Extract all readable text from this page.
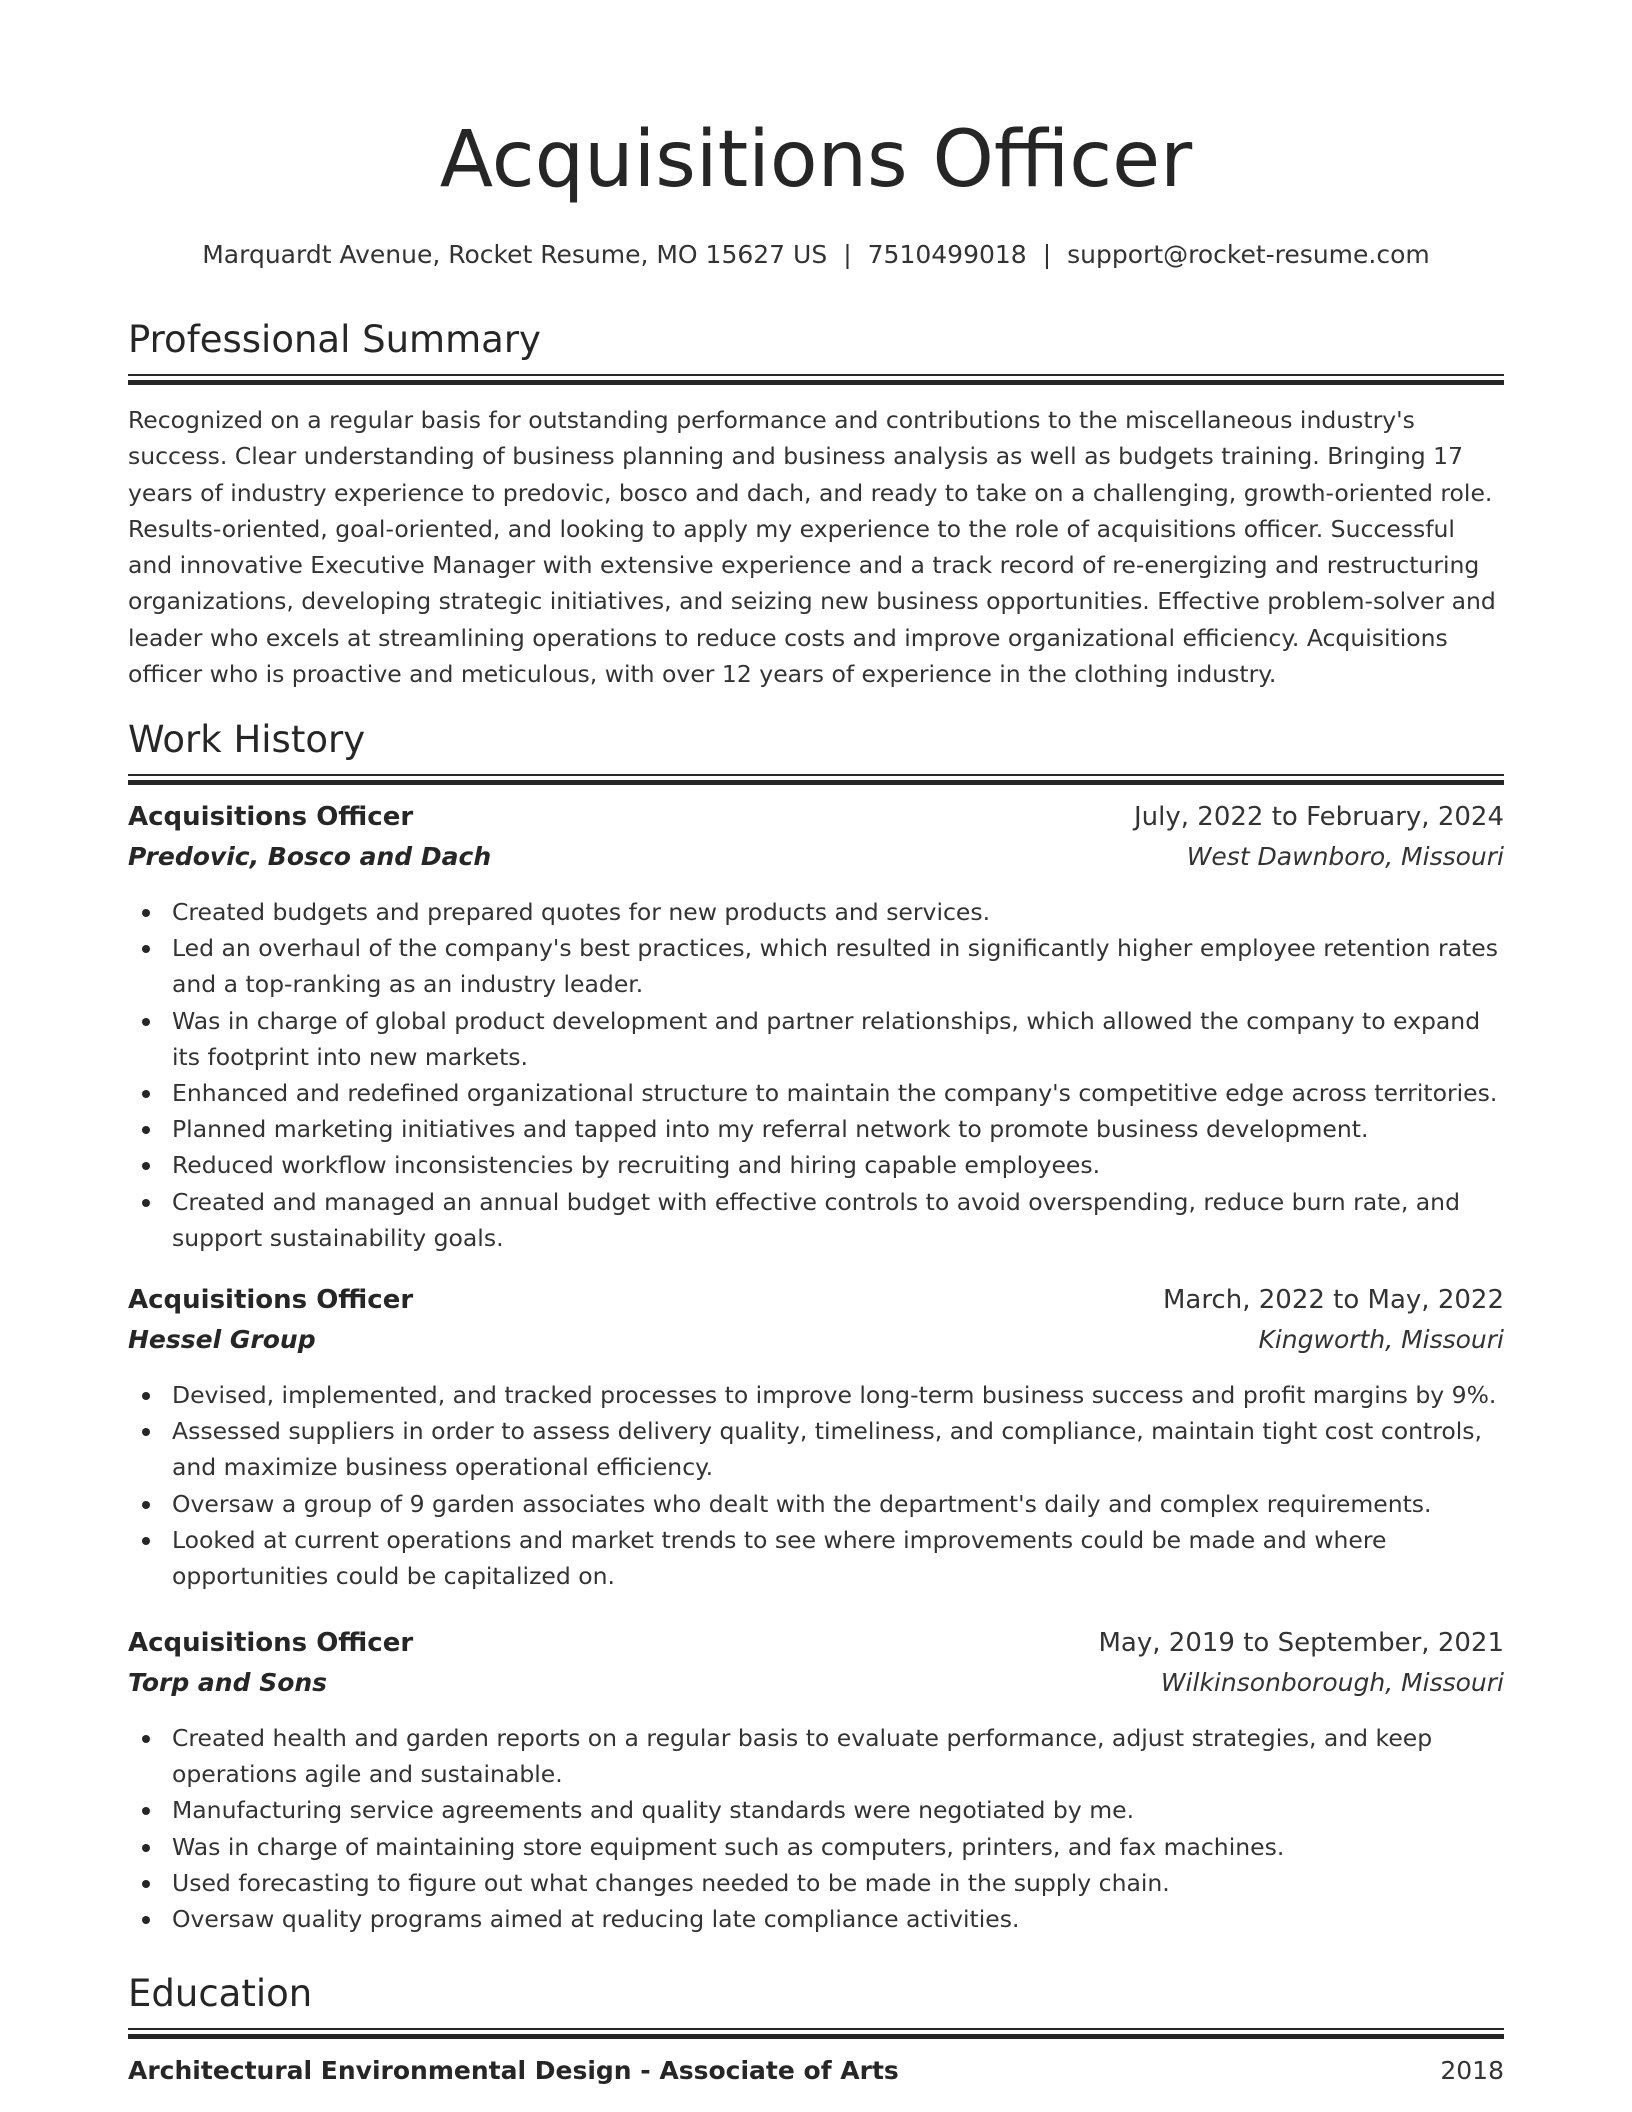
Acquisitions Officer
Marquardt Avenue, Rocket Resume, MO 15627 US | 7510499018 | support@rocket-resume.com
Professional Summary
Recognized on a regular basis for outstanding performance and contributions to the miscellaneous industry's success. Clear understanding of business planning and business analysis as well as budgets training. Bringing 17 years of industry experience to predovic, bosco and dach, and ready to take on a challenging, growth-oriented role. Results-oriented, goal-oriented, and looking to apply my experience to the role of acquisitions officer. Successful and innovative Executive Manager with extensive experience and a track record of re-energizing and restructuring organizations, developing strategic initiatives, and seizing new business opportunities. Effective problem-solver and leader who excels at streamlining operations to reduce costs and improve organizational efficiency. Acquisitions officer who is proactive and meticulous, with over 12 years of experience in the clothing industry.
Work History
Acquisitions Officer	July, 2022 to February, 2024
Predovic, Bosco and Dach	West Dawnboro, Missouri
Created budgets and prepared quotes for new products and services.
Led an overhaul of the company's best practices, which resulted in significantly higher employee retention rates and a top-ranking as an industry leader.
Was in charge of global product development and partner relationships, which allowed the company to expand its footprint into new markets.
Enhanced and redefined organizational structure to maintain the company's competitive edge across territories.
Planned marketing initiatives and tapped into my referral network to promote business development.
Reduced workflow inconsistencies by recruiting and hiring capable employees.
Created and managed an annual budget with effective controls to avoid overspending, reduce burn rate, and support sustainability goals.
Acquisitions Officer	March, 2022 to May, 2022
Hessel Group	Kingworth, Missouri
Devised, implemented, and tracked processes to improve long-term business success and profit margins by 9%.
Assessed suppliers in order to assess delivery quality, timeliness, and compliance, maintain tight cost controls, and maximize business operational efficiency.
Oversaw a group of 9 garden associates who dealt with the department's daily and complex requirements.
Looked at current operations and market trends to see where improvements could be made and where opportunities could be capitalized on.
Acquisitions Officer	May, 2019 to September, 2021
Torp and Sons	Wilkinsonborough, Missouri
Created health and garden reports on a regular basis to evaluate performance, adjust strategies, and keep operations agile and sustainable.
Manufacturing service agreements and quality standards were negotiated by me.
Was in charge of maintaining store equipment such as computers, printers, and fax machines.
Used forecasting to figure out what changes needed to be made in the supply chain.
Oversaw quality programs aimed at reducing late compliance activities.
Education
Architectural Environmental Design - Associate of Arts	2018
